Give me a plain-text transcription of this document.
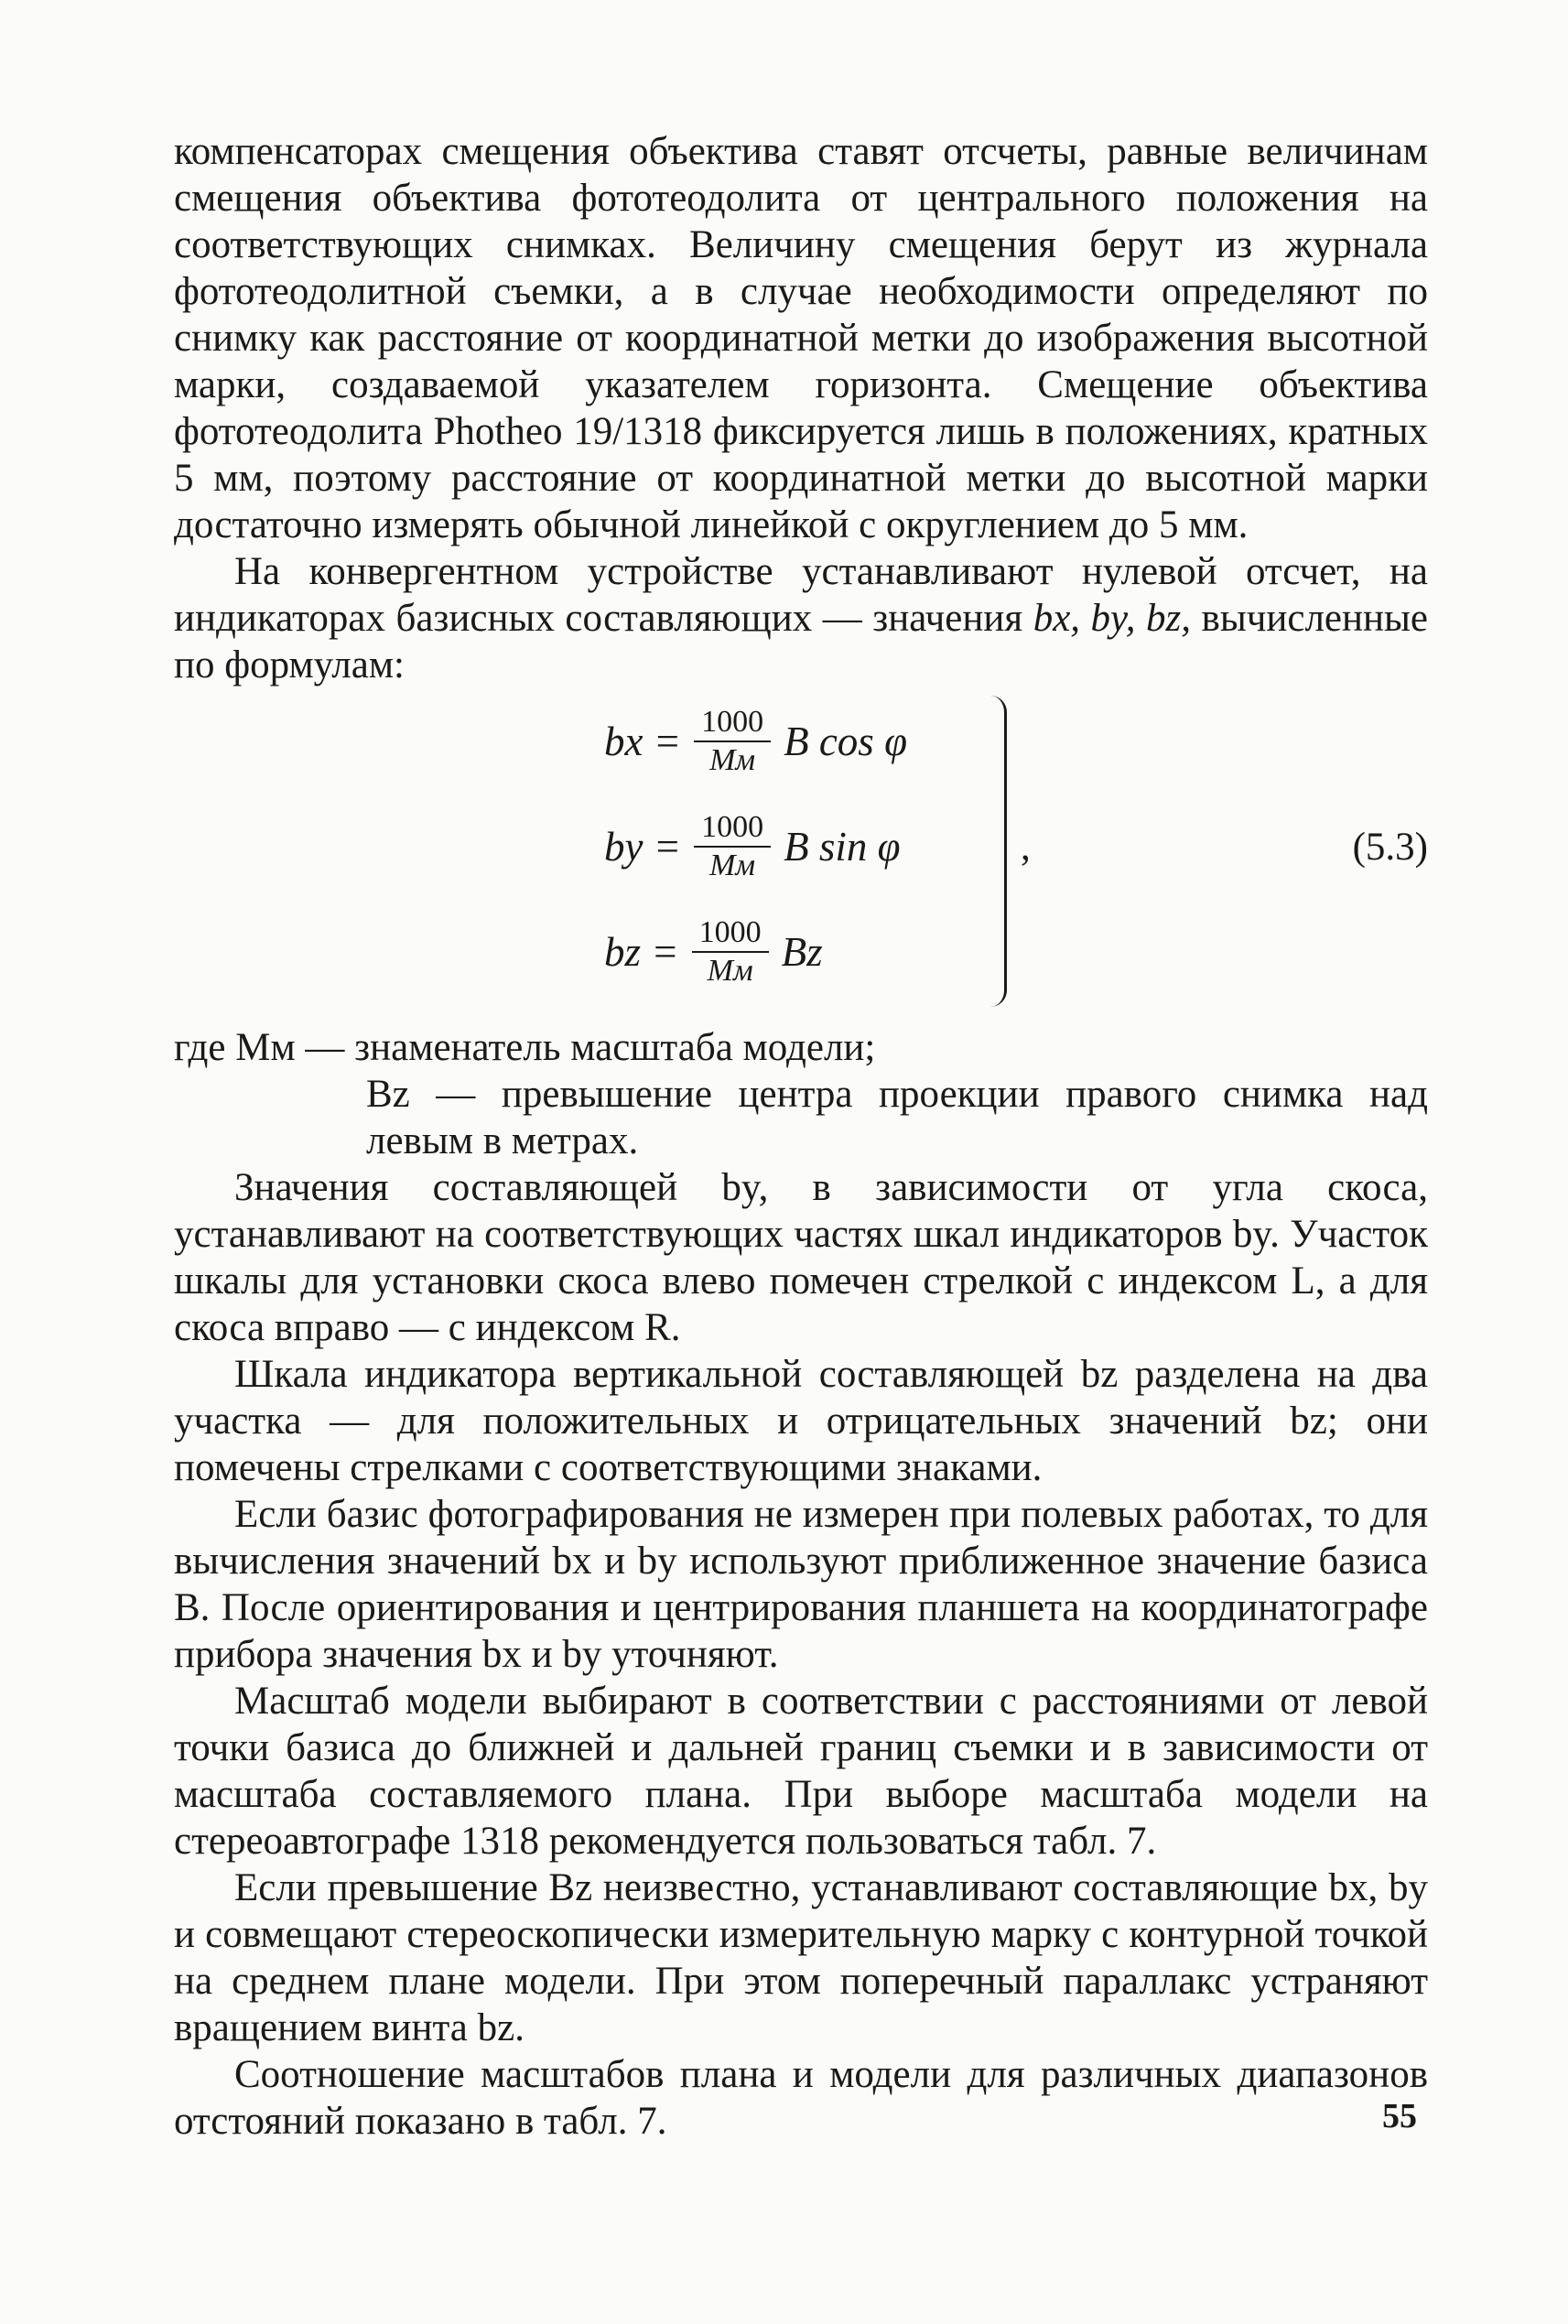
компенсаторах смещения объектива ставят отсчеты, равные величинам смещения объектива фототеодолита от центрального положения на соответствующих снимках. Величину смещения берут из журнала фототеодолитной съемки, а в случае необходимости определяют по снимку как расстояние от координатной метки до изображения высотной марки, создаваемой указателем горизонта. Смещение объектива фототеодолита Photheo 19/1318 фиксируется лишь в положениях, кратных 5 мм, поэтому расстояние от координатной метки до высотной марки достаточно измерять обычной линейкой с округлением до 5 мм.

На конвергентном устройстве устанавливают нулевой отсчет, на индикаторах базисных составляющих — значения bx, by, bz, вычисленные по формулам:

bx = $\frac{1000}{Mм}$ B cos φ
by = $\frac{1000}{Mм}$ B sin φ
bz = $\frac{1000}{Mм}$ Bz
,	(5.3)

где Mм — знаменатель масштаба модели;

Bz — превышение центра проекции правого снимка над левым в метрах.

Значения составляющей by, в зависимости от угла скоса, устанавливают на соответствующих частях шкал индикаторов by. Участок шкалы для установки скоса влево помечен стрелкой с индексом L, а для скоса вправо — с индексом R.

Шкала индикатора вертикальной составляющей bz разделена на два участка — для положительных и отрицательных значений bz; они помечены стрелками с соответствующими знаками.

Если базис фотографирования не измерен при полевых работах, то для вычисления значений bx и by используют приближенное значение базиса B. После ориентирования и центрирования планшета на координатографе прибора значения bx и by уточняют.

Масштаб модели выбирают в соответствии с расстояниями от левой точки базиса до ближней и дальней границ съемки и в зависимости от масштаба составляемого плана. При выборе масштаба модели на стереоавтографе 1318 рекомендуется пользоваться табл. 7.

Если превышение Bz неизвестно, устанавливают составляющие bx, by и совмещают стереоскопически измерительную марку с контурной точкой на среднем плане модели. При этом поперечный параллакс устраняют вращением винта bz.

Соотношение масштабов плана и модели для различных диапазонов отстояний показано в табл. 7.	55
